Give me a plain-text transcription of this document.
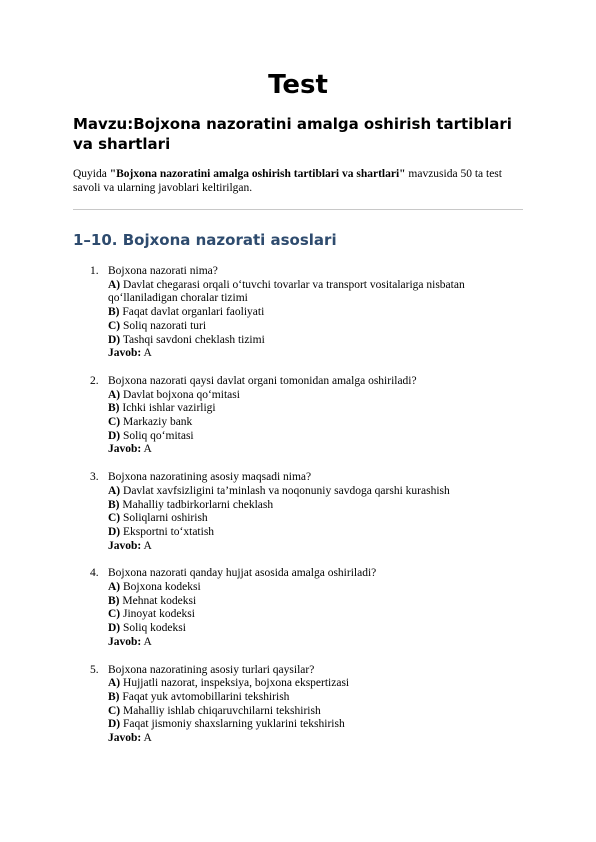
Test
Mavzu:Bojxona nazoratini amalga oshirish tartiblari va shartlari

Quyida "Bojxona nazoratini amalga oshirish tartiblari va shartlari" mavzusida 50 ta test savoli va ularning javoblari keltirilgan.

1–10. Bojxona nazorati asoslari
1. Bojxona nazorati nima?
A) Davlat chegarasi orqali o‘tuvchi tovarlar va transport vositalariga nisbatan qo‘llaniladigan choralar tizimi
B) Faqat davlat organlari faoliyati
C) Soliq nazorati turi
D) Tashqi savdoni cheklash tizimi
Javob: A
2. Bojxona nazorati qaysi davlat organi tomonidan amalga oshiriladi?
A) Davlat bojxona qo‘mitasi
B) Ichki ishlar vazirligi
C) Markaziy bank
D) Soliq qo‘mitasi
Javob: A
3. Bojxona nazoratining asosiy maqsadi nima?
A) Davlat xavfsizligini ta’minlash va noqonuniy savdoga qarshi kurashish
B) Mahalliy tadbirkorlarni cheklash
C) Soliqlarni oshirish
D) Eksportni to‘xtatish
Javob: A
4. Bojxona nazorati qanday hujjat asosida amalga oshiriladi?
A) Bojxona kodeksi
B) Mehnat kodeksi
C) Jinoyat kodeksi
D) Soliq kodeksi
Javob: A
5. Bojxona nazoratining asosiy turlari qaysilar?
A) Hujjatli nazorat, inspeksiya, bojxona ekspertizasi
B) Faqat yuk avtomobillarini tekshirish
C) Mahalliy ishlab chiqaruvchilarni tekshirish
D) Faqat jismoniy shaxslarning yuklarini tekshirish
Javob: A
